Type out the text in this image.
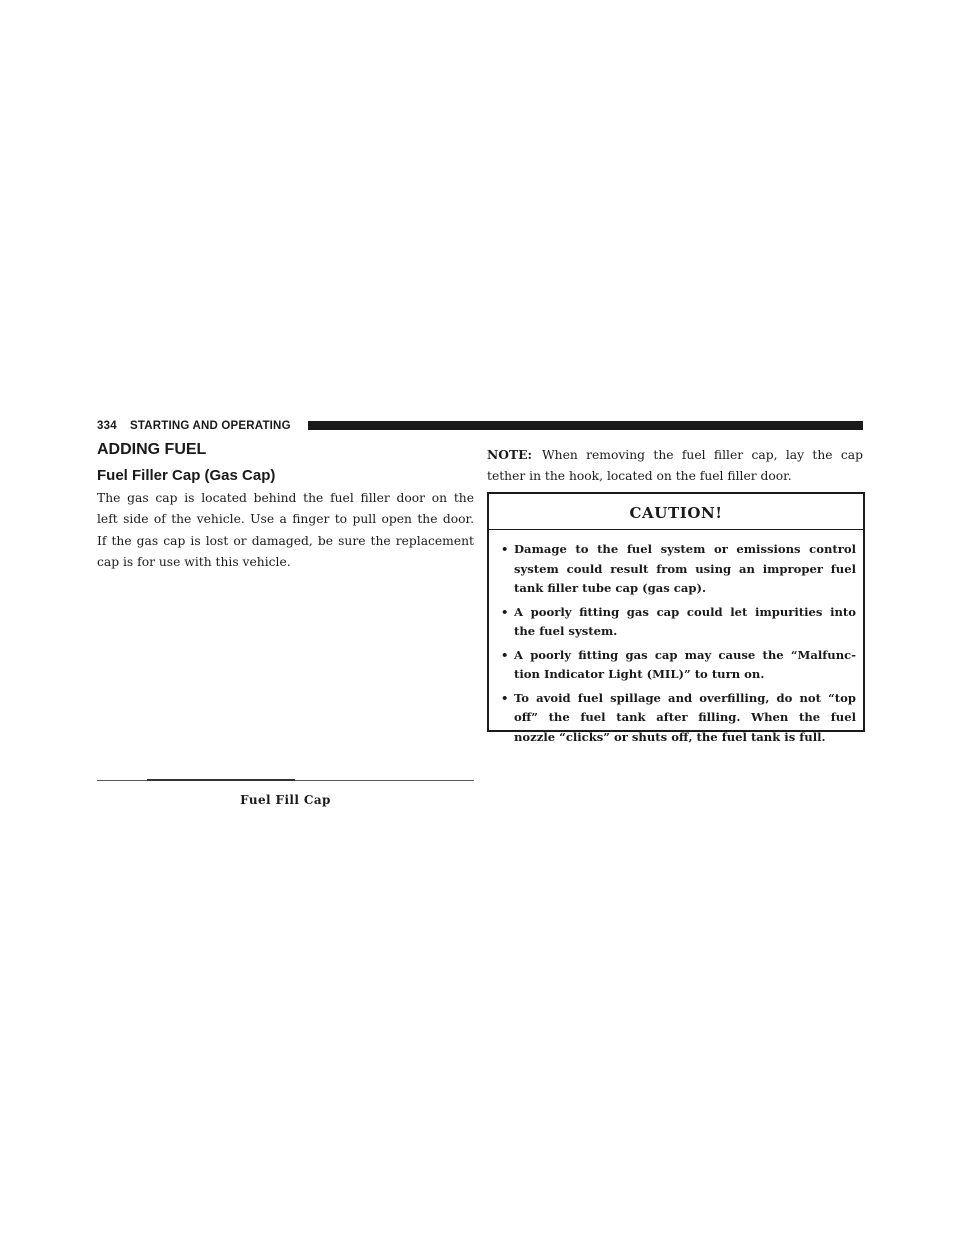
334 STARTING AND OPERATING
ADDING FUEL
Fuel Filler Cap (Gas Cap)
The gas cap is located behind the fuel filler door on the
left side of the vehicle. Use a finger to pull open the door.
If the gas cap is lost or damaged, be sure the replacement
cap is for use with this vehicle.
Fuel Fill Cap
NOTE: When removing the fuel filler cap, lay the cap
tether in the hook, located on the fuel filler door.
CAUTION!
• Damage to the fuel system or emissions control
system could result from using an improper fuel
tank filler tube cap (gas cap).
• A poorly fitting gas cap could let impurities into
the fuel system.
• A poorly fitting gas cap may cause the “Malfunc-
tion Indicator Light (MIL)” to turn on.
• To avoid fuel spillage and overfilling, do not “top
off” the fuel tank after filling. When the fuel
nozzle “clicks” or shuts off, the fuel tank is full.
